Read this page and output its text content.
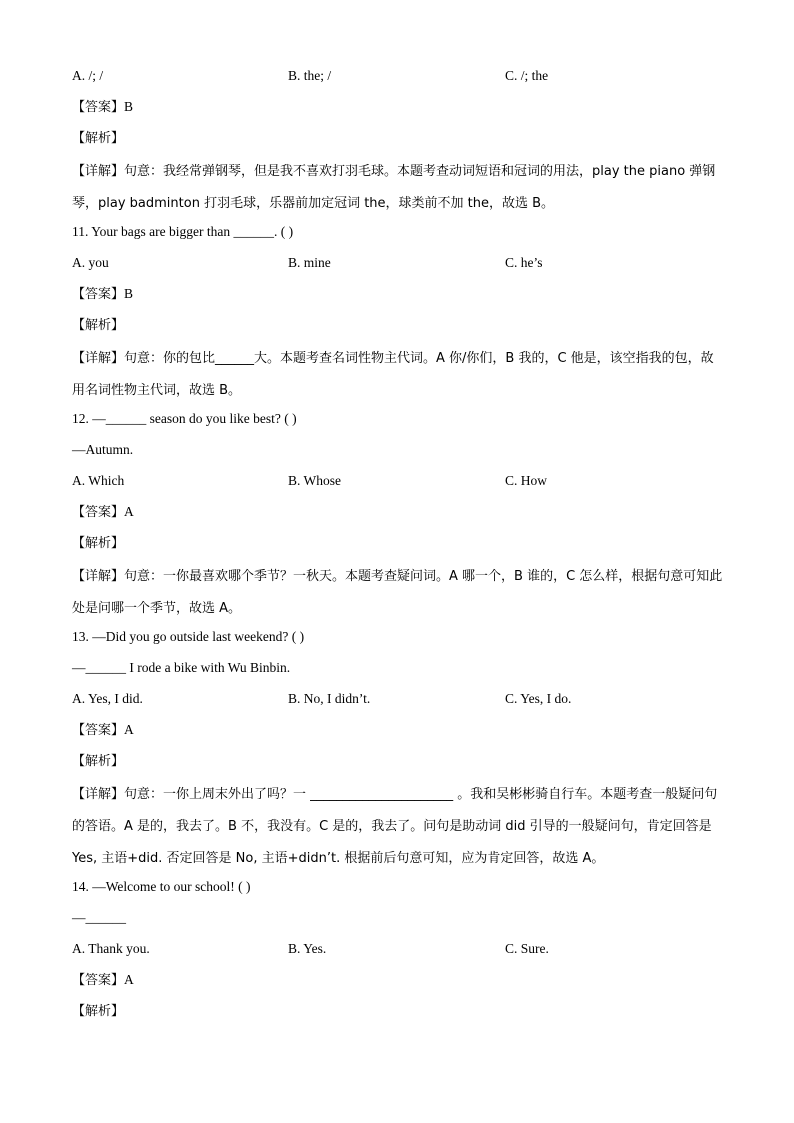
A. /; /	B. the; /	C. /; the
【答案】B
【解析】
【详解】句意：我经常弹钢琴，但是我不喜欢打羽毛球。本题考查动词短语和冠词的用法，play the piano 弹钢琴，play badminton 打羽毛球，乐器前加定冠词 the，球类前不加 the，故选 B。
11. Your bags are bigger than ______. ( )
A. you	B. mine	C. he’s
【答案】B
【解析】
【详解】句意：你的包比______大。本题考查名词性物主代词。A 你/你们，B 我的，C 他是，该空指我的包，故用名词性物主代词，故选 B。
12. —______ season do you like best? ( )
—Autumn.
A. Which	B. Whose	C. How
【答案】A
【解析】
【详解】句意：一你最喜欢哪个季节？一秋天。本题考查疑问词。A 哪一个，B 谁的，C 怎么样，根据句意可知此处是问哪一个季节，故选 A。
13. —Did you go outside last weekend? ( )
—______ I rode a bike with Wu Binbin.
A. Yes, I did.	B. No, I didn’t.	C. Yes, I do.
【答案】A
【解析】
【详解】句意：一你上周末外出了吗？一 ______________________ 。我和吴彬彬骑自行车。本题考查一般疑问句的答语。A 是的，我去了。B 不，我没有。C 是的，我去了。问句是助动词 did 引导的一般疑问句，肯定回答是 Yes, 主语+did. 否定回答是 No, 主语+didn’t. 根据前后句意可知，应为肯定回答，故选 A。
14. —Welcome to our school! ( )
—______
A. Thank you.	B. Yes.	C. Sure.
【答案】A
【解析】
